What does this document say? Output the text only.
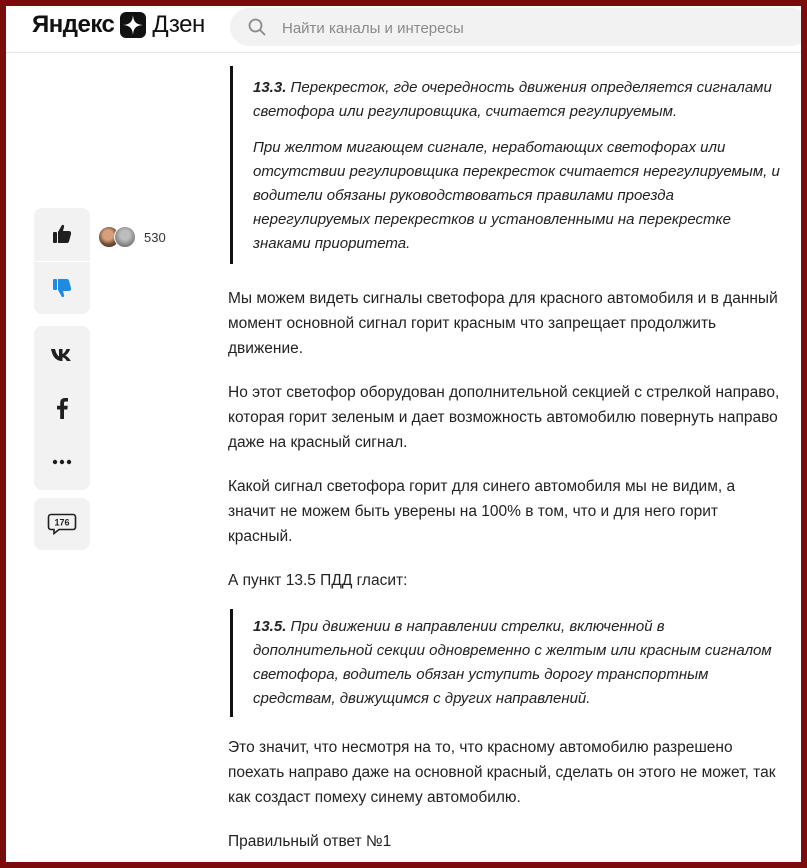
Яндекс Дзен
Найти каналы и интересы
530
176

13.3. Перекресток, где очередность движения определяется сигналами светофора или регулировщика, считается регулируемым.

При желтом мигающем сигнале, неработающих светофорах или отсутствии регулировщика перекресток считается нерегулируемым, и водители обязаны руководствоваться правилами проезда нерегулируемых перекрестков и установленными на перекрестке знаками приоритета.

Мы можем видеть сигналы светофора для красного автомобиля и в данный момент основной сигнал горит красным что запрещает продолжить движение.

Но этот светофор оборудован дополнительной секцией с стрелкой направо, которая горит зеленым и дает возможность автомобилю повернуть направо даже на красный сигнал.

Какой сигнал светофора горит для синего автомобиля мы не видим, а значит не можем быть уверены на 100% в том, что и для него горит красный.

А пункт 13.5 ПДД гласит:

13.5. При движении в направлении стрелки, включенной в дополнительной секции одновременно с желтым или красным сигналом светофора, водитель обязан уступить дорогу транспортным средствам, движущимся с других направлений.

Это значит, что несмотря на то, что красному автомобилю разрешено поехать направо даже на основной красный, сделать он этого не может, так как создаст помеху синему автомобилю.

Правильный ответ №1
